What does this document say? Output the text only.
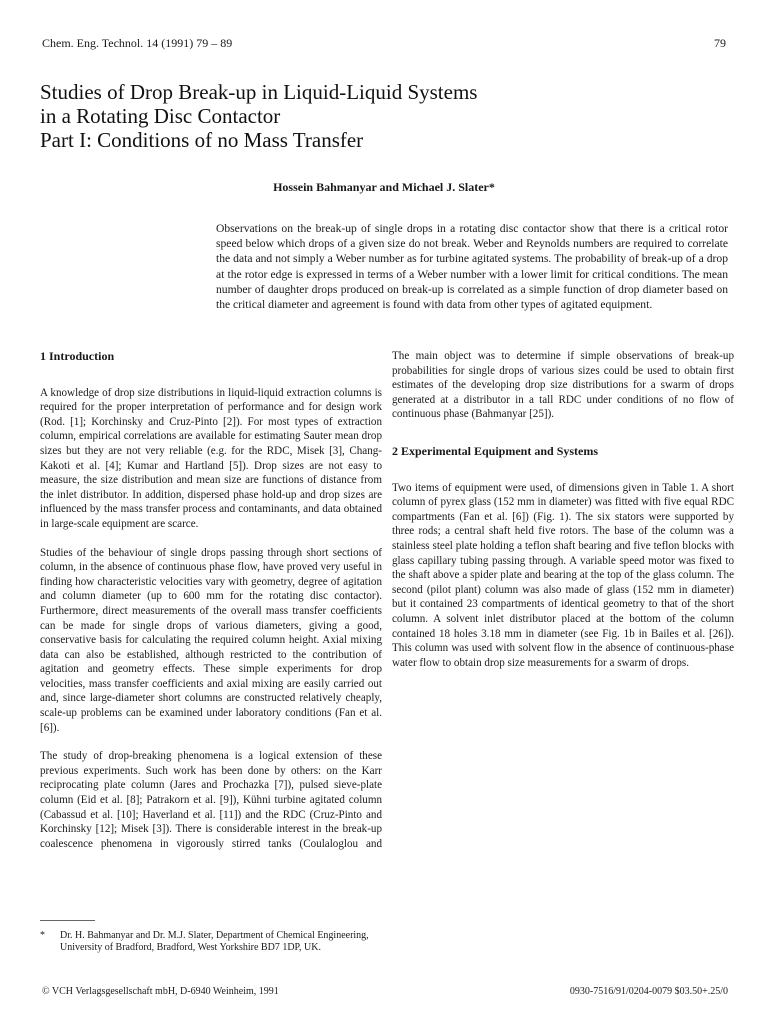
Chem. Eng. Technol. 14 (1991) 79 – 89	79
Studies of Drop Break-up in Liquid-Liquid Systems
in a Rotating Disc Contactor
Part I: Conditions of no Mass Transfer
Hossein Bahmanyar and Michael J. Slater*

Observations on the break-up of single drops in a rotating disc contactor show that there is a critical rotor speed below which drops of a given size do not break. Weber and Reynolds numbers are required to correlate the data and not simply a Weber number as for turbine agitated systems. The probability of break-up of a drop at the rotor edge is expressed in terms of a Weber number with a lower limit for critical conditions. The mean number of daughter drops produced on break-up is correlated as a simple function of drop diameter based on the critical diameter and agreement is found with data from other types of agitated equipment.

1 Introduction

A knowledge of drop size distributions in liquid-liquid extraction columns is required for the proper interpretation of performance and for design work (Rod. [1]; Korchinsky and Cruz-Pinto [2]). For most types of extraction column, empirical correlations are available for estimating Sauter mean drop sizes but they are not very reliable (e.g. for the RDC, Misek [3], Chang-Kakoti et al. [4]; Kumar and Hartland [5]). Drop sizes are not easy to measure, the size distribution and mean size are functions of distance from the inlet distributor. In addition, dispersed phase hold-up and drop sizes are influenced by the mass transfer process and contaminants, and data obtained in large-scale equipment are scarce.

Studies of the behaviour of single drops passing through short sections of column, in the absence of continuous phase flow, have proved very useful in finding how characteristic velocities vary with geometry, degree of agitation and column diameter (up to 600 mm for the rotating disc contactor). Furthermore, direct measurements of the overall mass transfer coefficients can be made for single drops of various diameters, giving a good, conservative basis for calculating the required column height. Axial mixing data can also be established, although restricted to the contribution of agitation and geometry effects. These simple experiments for drop velocities, mass transfer coefficients and axial mixing are easily carried out and, since large-diameter short columns are constructed relatively cheaply, scale-up problems can be examined under laboratory conditions (Fan et al. [6]).

The study of drop-breaking phenomena is a logical extension of these previous experiments. Such work has been done by others: on the Karr reciprocating plate column (Jares and Prochazka [7]), pulsed sieve-plate column (Eid et al. [8]; Patrakorn et al. [9]), Kühni turbine agitated column (Cabassud et al. [10]; Haverland et al. [11]) and the RDC (Cruz-Pinto and Korchinsky [12]; Misek [3]). There is considerable interest in the break-up coalescence phenomena in vigorously stirred tanks (Coulaloglou and

The main object was to determine if simple observations of break-up probabilities for single drops of various sizes could be used to obtain first estimates of the developing drop size distributions for a swarm of drops generated at a distributor in a tall RDC under conditions of no flow of continuous phase (Bahmanyar [25]).

2 Experimental Equipment and Systems

Two items of equipment were used, of dimensions given in Table 1. A short column of pyrex glass (152 mm in diameter) was fitted with five equal RDC compartments (Fan et al. [6]) (Fig. 1). The six stators were supported by three rods; a central shaft held five rotors. The base of the column was a stainless steel plate holding a teflon shaft bearing and five teflon blocks with glass capillary tubing passing through. A variable speed motor was fixed to the shaft above a spider plate and bearing at the top of the glass column. The second (pilot plant) column was also made of glass (152 mm in diameter) but it contained 23 compartments of identical geometry to that of the short column. A solvent inlet distributor placed at the bottom of the column contained 18 holes 3.18 mm in diameter (see Fig. 1b in Bailes et al. [26]). This column was used with solvent flow in the absence of continuous-phase water flow to obtain drop size measurements for a swarm of drops.

* Dr. H. Bahmanyar and Dr. M.J. Slater, Department of Chemical Engineering, University of Bradford, Bradford, West Yorkshire BD7 1DP, UK.
© VCH Verlagsgesellschaft mbH, D-6940 Weinheim, 1991	0930-7516/91/0204-0079 $03.50+.25/0
